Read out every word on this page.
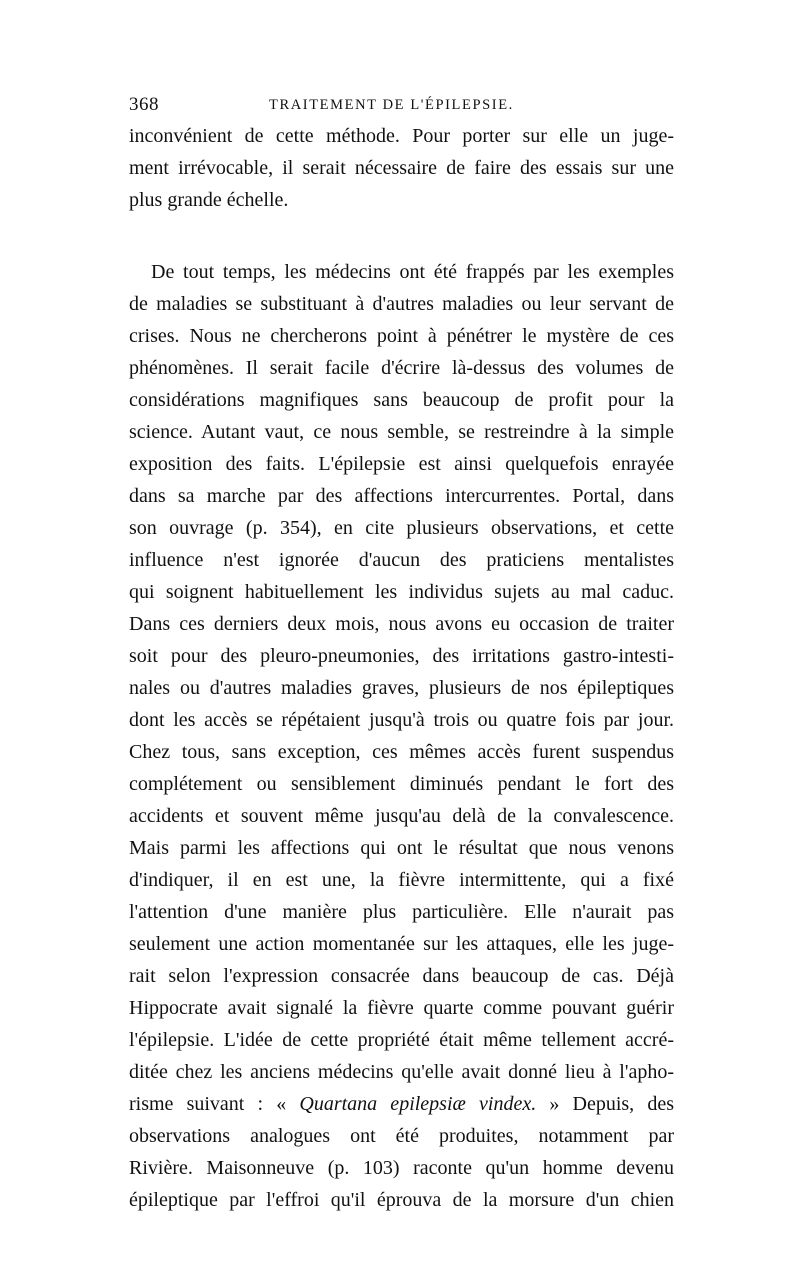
368	TRAITEMENT DE L'ÉPILEPSIE.
inconvénient de cette méthode. Pour porter sur elle un juge-
ment irrévocable, il serait nécessaire de faire des essais sur une
plus grande échelle.
De tout temps, les médecins ont été frappés par les exemples
de maladies se substituant à d'autres maladies ou leur servant de
crises. Nous ne chercherons point à pénétrer le mystère de ces
phénomènes. Il serait facile d'écrire là-dessus des volumes de
considérations magnifiques sans beaucoup de profit pour la
science. Autant vaut, ce nous semble, se restreindre à la simple
exposition des faits. L'épilepsie est ainsi quelquefois enrayée
dans sa marche par des affections intercurrentes. Portal, dans
son ouvrage (p. 354), en cite plusieurs observations, et cette
influence n'est ignorée d'aucun des praticiens mentalistes
qui soignent habituellement les individus sujets au mal caduc.
Dans ces derniers deux mois, nous avons eu occasion de traiter
soit pour des pleuro-pneumonies, des irritations gastro-intesti-
nales ou d'autres maladies graves, plusieurs de nos épileptiques
dont les accès se répétaient jusqu'à trois ou quatre fois par jour.
Chez tous, sans exception, ces mêmes accès furent suspendus
complétement ou sensiblement diminués pendant le fort des
accidents et souvent même jusqu'au delà de la convalescence.
Mais parmi les affections qui ont le résultat que nous venons
d'indiquer, il en est une, la fièvre intermittente, qui a fixé
l'attention d'une manière plus particulière. Elle n'aurait pas
seulement une action momentanée sur les attaques, elle les juge-
rait selon l'expression consacrée dans beaucoup de cas. Déjà
Hippocrate avait signalé la fièvre quarte comme pouvant guérir
l'épilepsie. L'idée de cette propriété était même tellement accré-
ditée chez les anciens médecins qu'elle avait donné lieu à l'apho-
risme suivant : « Quartana epilepsiæ vindex. » Depuis, des
observations analogues ont été produites, notamment par
Rivière. Maisonneuve (p. 103) raconte qu'un homme devenu
épileptique par l'effroi qu'il éprouva de la morsure d'un chien
